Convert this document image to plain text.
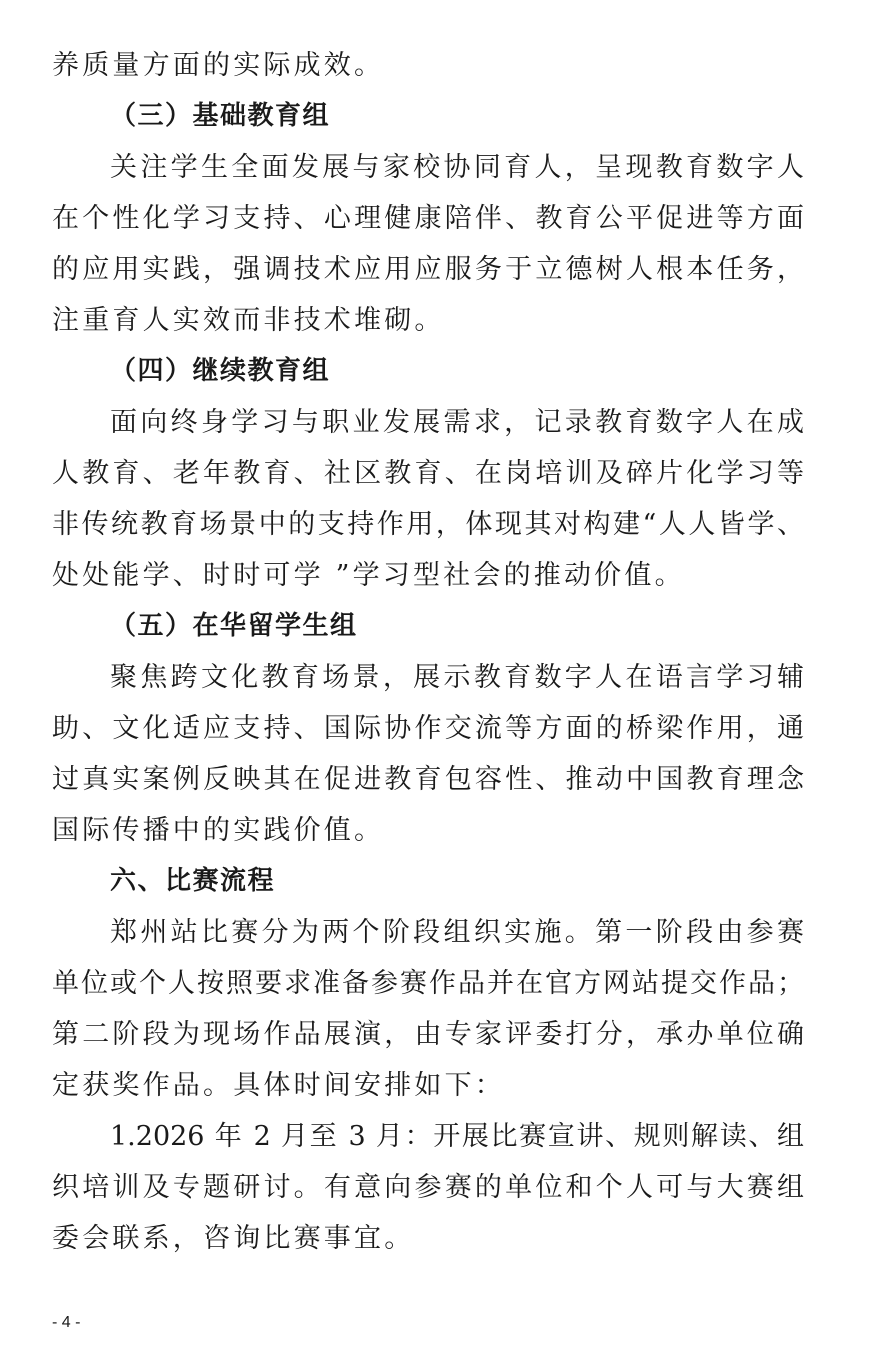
养质量方面的实际成效。
（三）基础教育组
关注学生全面发展与家校协同育人，呈现教育数字人
在个性化学习支持、心理健康陪伴、教育公平促进等方面
的应用实践，强调技术应用应服务于立德树人根本任务，
注重育人实效而非技术堆砌。
（四）继续教育组
面向终身学习与职业发展需求，记录教育数字人在成
人教育、老年教育、社区教育、在岗培训及碎片化学习等
非传统教育场景中的支持作用，体现其对构建“人人皆学、
处处能学、时时可学 ”学习型社会的推动价值。
（五）在华留学生组
聚焦跨文化教育场景，展示教育数字人在语言学习辅
助、文化适应支持、国际协作交流等方面的桥梁作用，通
过真实案例反映其在促进教育包容性、推动中国教育理念
国际传播中的实践价值。
六、比赛流程
郑州站比赛分为两个阶段组织实施。第一阶段由参赛
单位或个人按照要求准备参赛作品并在官方网站提交作品；
第二阶段为现场作品展演，由专家评委打分，承办单位确
定获奖作品。具体时间安排如下：
1.2026 年 2 月至 3 月：开展比赛宣讲、规则解读、组
织培训及专题研讨。有意向参赛的单位和个人可与大赛组
委会联系，咨询比赛事宜。
- 4 -
